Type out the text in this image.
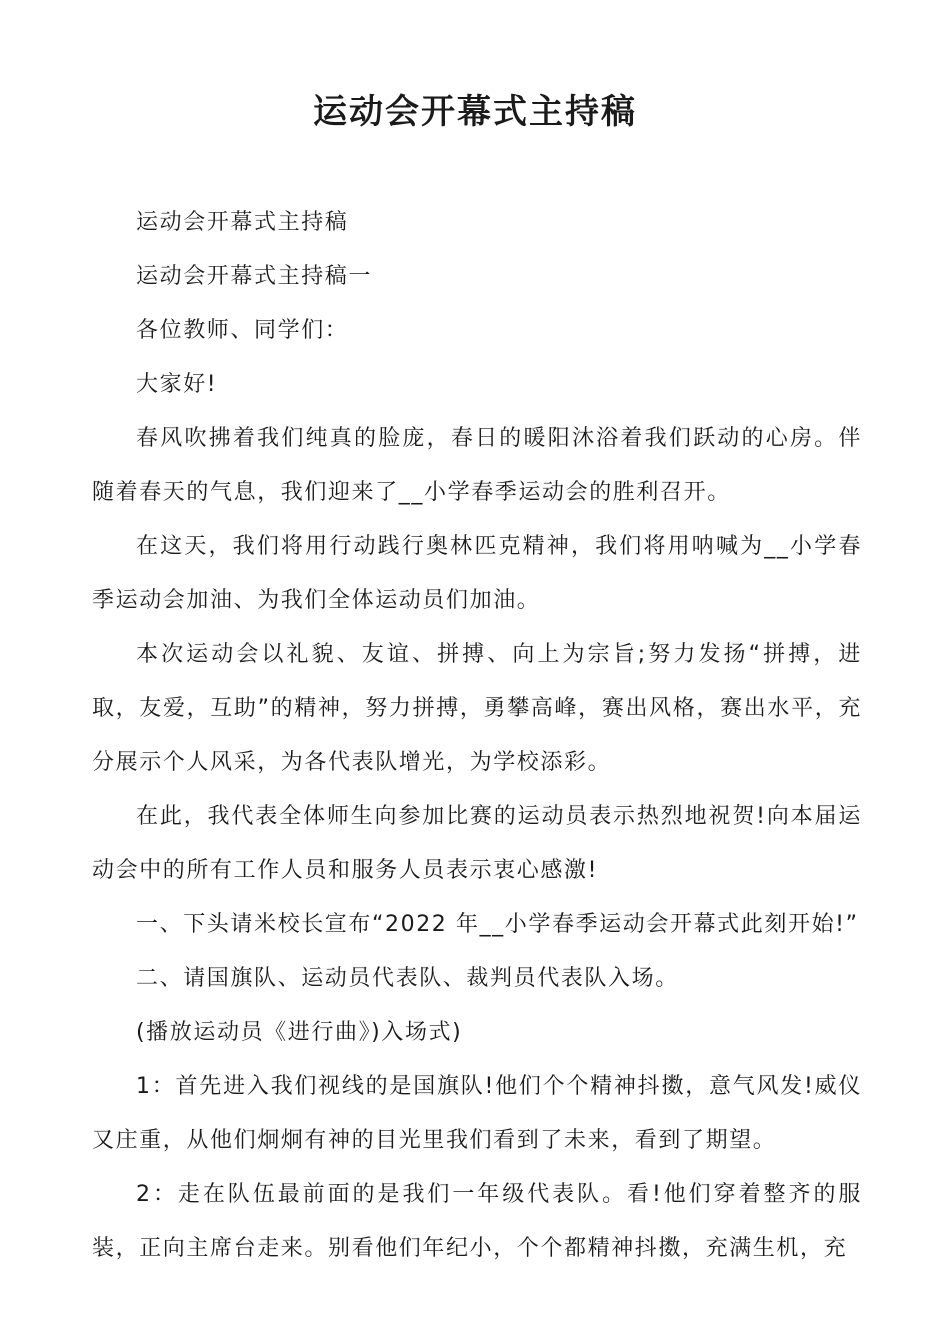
运动会开幕式主持稿

运动会开幕式主持稿

运动会开幕式主持稿一

各位教师、同学们：

大家好!

春风吹拂着我们纯真的脸庞，春日的暖阳沐浴着我们跃动的心房。伴随着春天的气息，我们迎来了__小学春季运动会的胜利召开。

在这天，我们将用行动践行奥林匹克精神，我们将用呐喊为__小学春季运动会加油、为我们全体运动员们加油。

本次运动会以礼貌、友谊、拼搏、向上为宗旨;努力发扬“拼搏，进取，友爱，互助”的精神，努力拼搏，勇攀高峰，赛出风格，赛出水平，充分展示个人风采，为各代表队增光，为学校添彩。

在此，我代表全体师生向参加比赛的运动员表示热烈地祝贺!向本届运动会中的所有工作人员和服务人员表示衷心感激!

一、下头请米校长宣布“2022 年__小学春季运动会开幕式此刻开始!”

二、请国旗队、运动员代表队、裁判员代表队入场。

(播放运动员《进行曲》)入场式)

1：首先进入我们视线的是国旗队!他们个个精神抖擞，意气风发!威仪又庄重，从他们炯炯有神的目光里我们看到了未来，看到了期望。

2：走在队伍最前面的是我们一年级代表队。看!他们穿着整齐的服装，正向主席台走来。别看他们年纪小，个个都精神抖擞，充满生机，充
